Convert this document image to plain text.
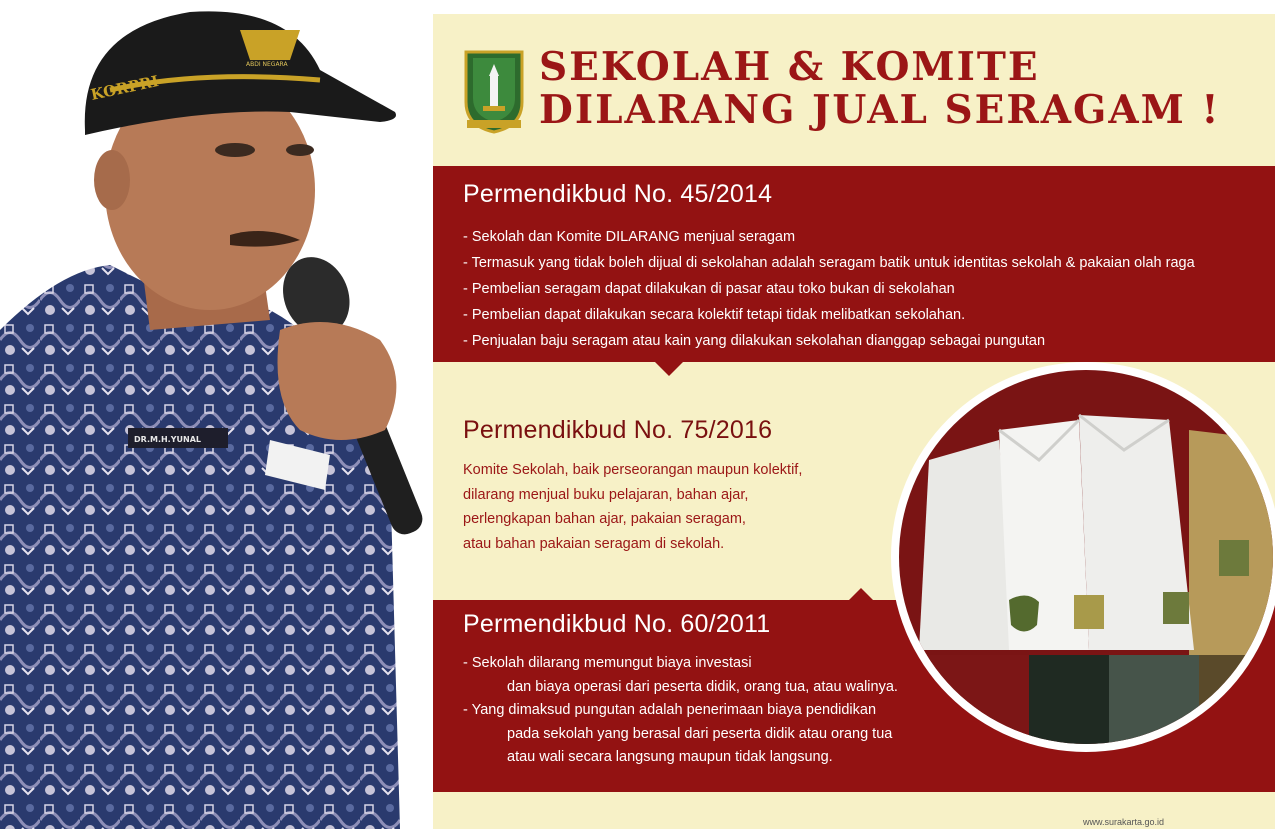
KORPRI
ABDI NEGARA
DR.M.H.YUNAL
SEKOLAH & KOMITE
DILARANG JUAL SERAGAM !
Permendikbud No. 45/2014
- Sekolah dan Komite DILARANG menjual seragam
- Termasuk yang tidak boleh dijual di sekolahan adalah seragam batik untuk identitas sekolah & pakaian olah raga
- Pembelian seragam dapat dilakukan di pasar atau toko bukan di sekolahan
- Pembelian dapat dilakukan secara kolektif tetapi tidak melibatkan sekolahan.
- Penjualan baju seragam atau kain yang dilakukan sekolahan dianggap sebagai pungutan
Permendikbud No. 75/2016
Komite Sekolah, baik perseorangan maupun kolektif,
dilarang menjual buku pelajaran, bahan ajar,
perlengkapan bahan ajar, pakaian seragam,
atau bahan pakaian seragam di sekolah.
Permendikbud No. 60/2011
- Sekolah dilarang memungut biaya investasi
dan biaya operasi dari peserta didik, orang tua, atau walinya.
- Yang dimaksud pungutan adalah penerimaan biaya pendidikan
pada sekolah yang berasal dari peserta didik atau orang tua
atau wali secara langsung maupun tidak langsung.
www.surakarta.go.id
